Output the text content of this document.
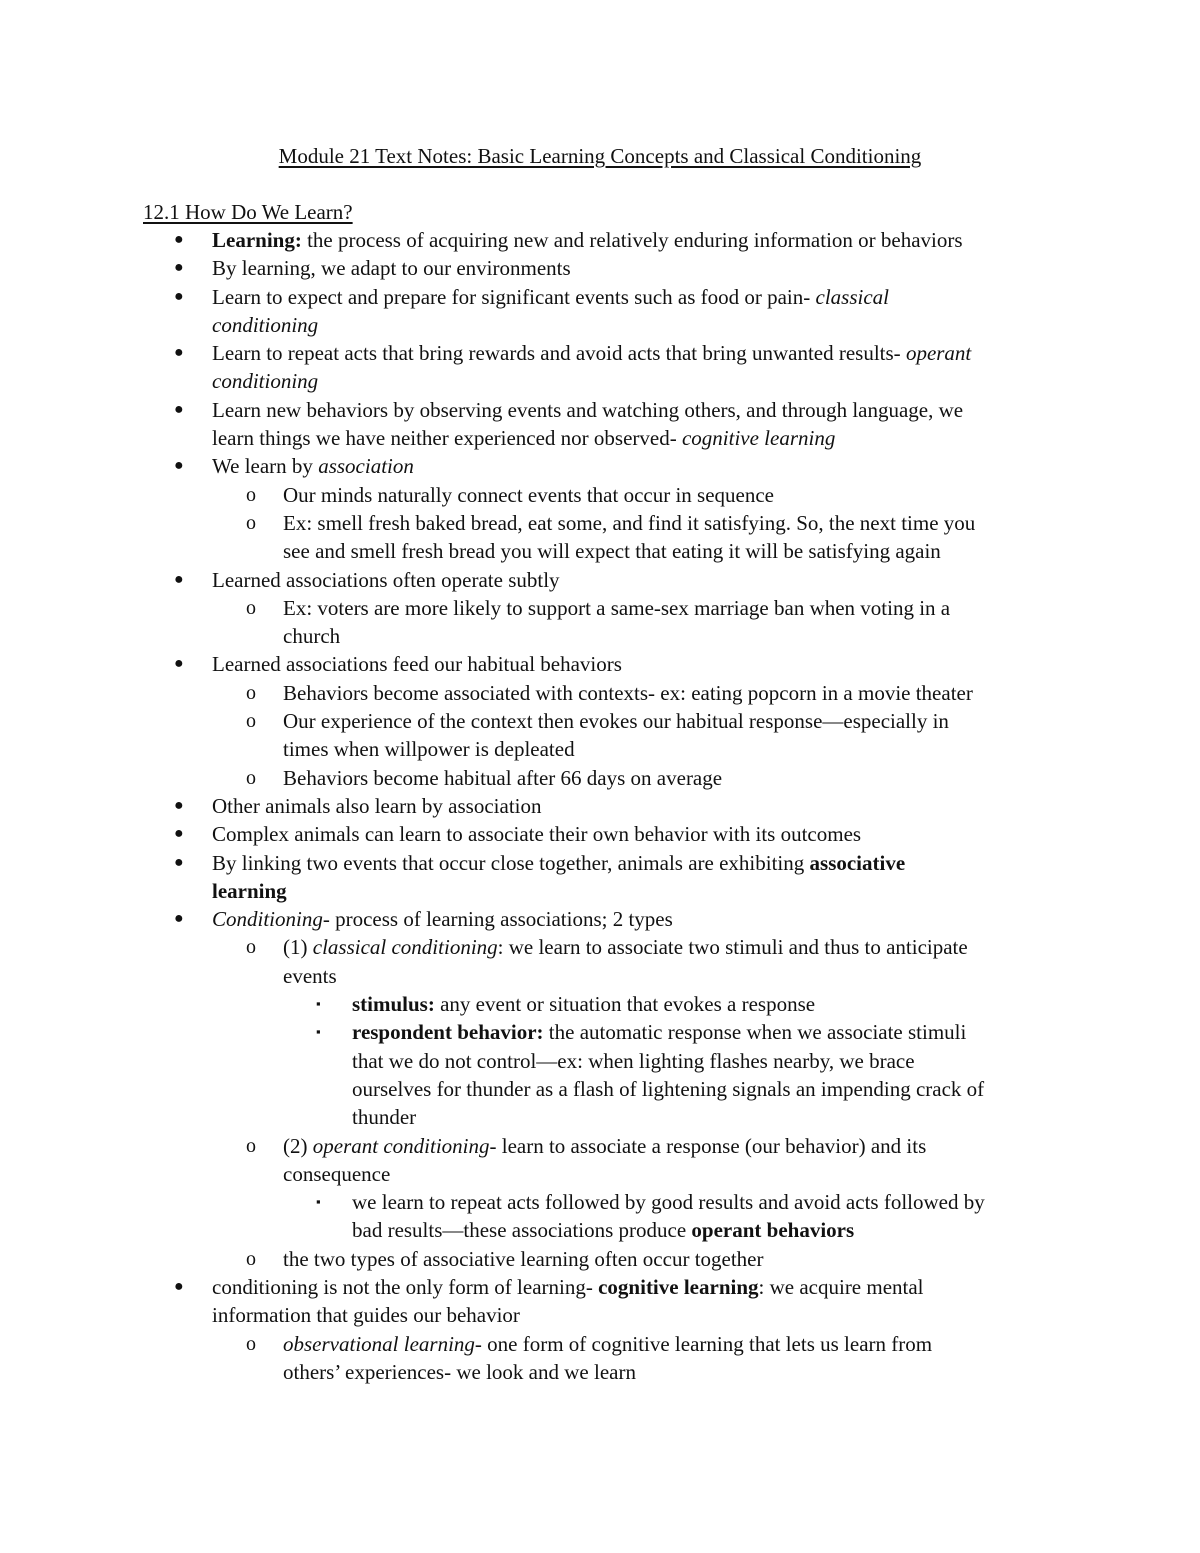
Module 21 Text Notes: Basic Learning Concepts and Classical Conditioning
12.1 How Do We Learn?
● Learning: the process of acquiring new and relatively enduring information or behaviors
● By learning, we adapt to our environments
● Learn to expect and prepare for significant events such as food or pain- classical
conditioning
● Learn to repeat acts that bring rewards and avoid acts that bring unwanted results- operant
conditioning
● Learn new behaviors by observing events and watching others, and through language, we
learn things we have neither experienced nor observed- cognitive learning
● We learn by association
o Our minds naturally connect events that occur in sequence
o Ex: smell fresh baked bread, eat some, and find it satisfying. So, the next time you
see and smell fresh bread you will expect that eating it will be satisfying again
● Learned associations often operate subtly
o Ex: voters are more likely to support a same-sex marriage ban when voting in a
church
● Learned associations feed our habitual behaviors
o Behaviors become associated with contexts- ex: eating popcorn in a movie theater
o Our experience of the context then evokes our habitual response—especially in
times when willpower is depleated
o Behaviors become habitual after 66 days on average
● Other animals also learn by association
● Complex animals can learn to associate their own behavior with its outcomes
● By linking two events that occur close together, animals are exhibiting associative
learning
● Conditioning- process of learning associations; 2 types
o (1) classical conditioning: we learn to associate two stimuli and thus to anticipate
events
▪ stimulus: any event or situation that evokes a response
▪ respondent behavior: the automatic response when we associate stimuli
that we do not control—ex: when lighting flashes nearby, we brace
ourselves for thunder as a flash of lightening signals an impending crack of
thunder
o (2) operant conditioning- learn to associate a response (our behavior) and its
consequence
▪ we learn to repeat acts followed by good results and avoid acts followed by
bad results—these associations produce operant behaviors
o the two types of associative learning often occur together
● conditioning is not the only form of learning- cognitive learning: we acquire mental
information that guides our behavior
o observational learning- one form of cognitive learning that lets us learn from
others’ experiences- we look and we learn
